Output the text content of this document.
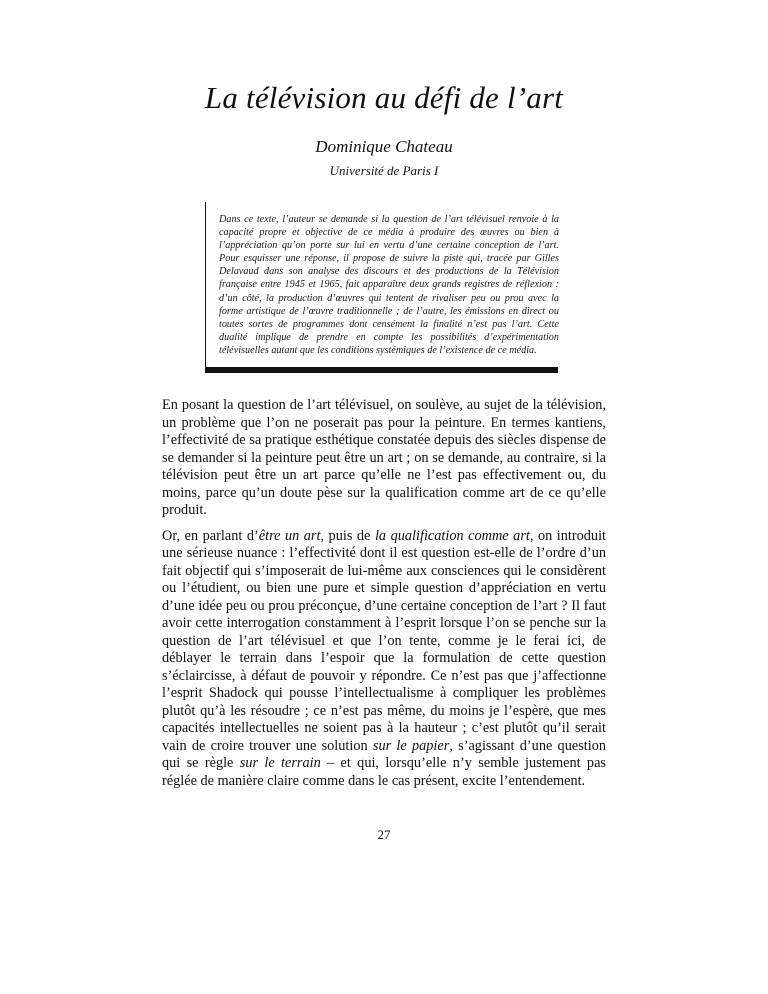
La télévision au défi de l’art
Dominique Chateau
Université de Paris I

Dans ce texte, l’auteur se demande si la question de l’art télévisuel renvoie à la capacité propre et objective de ce média à produire des œuvres ou bien à l’appréciation qu’on porte sur lui en vertu d’une certaine conception de l’art. Pour esquisser une réponse, il propose de suivre la piste qui, tracée par Gilles Delavaud dans son analyse des discours et des productions de la Télévision française entre 1945 et 1965, fait apparaître deux grands registres de réflexion : d’un côté, la production d’œuvres qui tentent de rivaliser peu ou prou avec la forme artistique de l’œuvre traditionnelle ; de l’autre, les émissions en direct ou toutes sortes de programmes dont censément la finalité n’est pas l’art. Cette dualité implique de prendre en compte les possibilités d’expérimentation télévisuelles autant que les conditions systémiques de l’existence de ce média.

En posant la question de l’art télévisuel, on soulève, au sujet de la télévision, un problème que l’on ne poserait pas pour la peinture. En termes kantiens, l’effectivité de sa pratique esthétique constatée depuis des siècles dispense de se demander si la peinture peut être un art ; on se demande, au contraire, si la télévision peut être un art parce qu’elle ne l’est pas effectivement ou, du moins, parce qu’un doute pèse sur la qualification comme art de ce qu’elle produit.

Or, en parlant d’être un art, puis de la qualification comme art, on introduit une sérieuse nuance : l’effectivité dont il est question est-elle de l’ordre d’un fait objectif qui s’imposerait de lui-même aux consciences qui le considèrent ou l’étudient, ou bien une pure et simple question d’appréciation en vertu d’une idée peu ou prou préconçue, d’une certaine conception de l’art ? Il faut avoir cette interrogation constamment à l’esprit lorsque l’on se penche sur la question de l’art télévisuel et que l’on tente, comme je le ferai ici, de déblayer le terrain dans l’espoir que la formulation de cette question s’éclaircisse, à défaut de pouvoir y répondre. Ce n’est pas que j’affectionne l’esprit Shadock qui pousse l’intellectualisme à compliquer les problèmes plutôt qu’à les résoudre ; ce n’est pas même, du moins je l’espère, que mes capacités intellectuelles ne soient pas à la hauteur ; c’est plutôt qu’il serait vain de croire trouver une solution sur le papier, s’agissant d’une question qui se règle sur le terrain – et qui, lorsqu’elle n’y semble justement pas réglée de manière claire comme dans le cas présent, excite l’entendement.

27
